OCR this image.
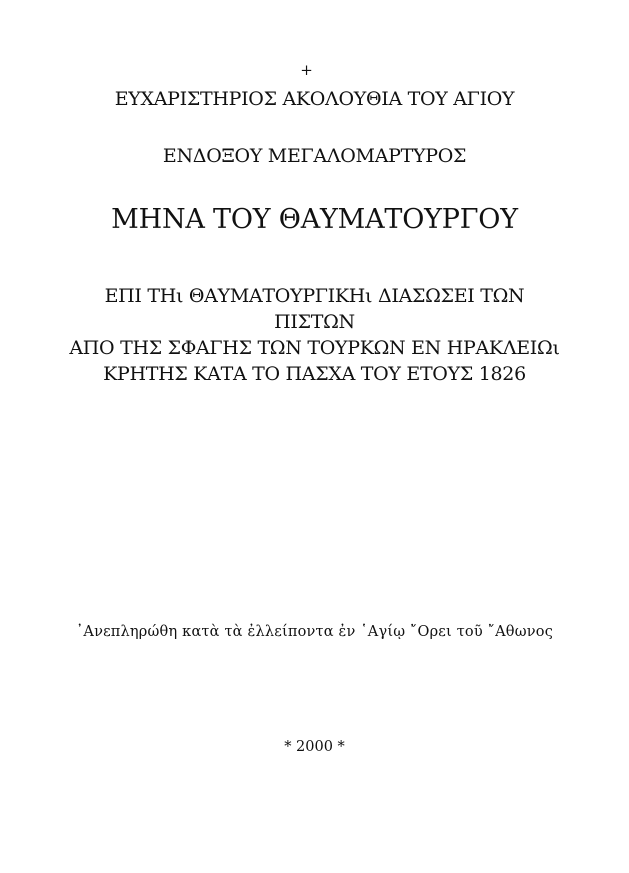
+
ΕΥΧΑΡΙΣΤΗΡΙΟΣ ΑΚΟΛΟΥΘΙΑ ΤΟΥ ΑΓΙΟΥ
ΕΝΔΟΞΟΥ ΜΕΓΑΛΟΜΑΡΤΥΡΟΣ
ΜΗΝΑ ΤΟΥ ΘΑΥΜΑΤΟΥΡΓΟΥ
ΕΠΙ ΤΗι ΘΑΥΜΑΤΟΥΡΓΙΚΗι ΔΙΑΣΩΣΕΙ ΤΩΝ
ΠΙΣΤΩΝ
ΑΠΟ ΤΗΣ ΣΦΑΓΗΣ ΤΩΝ ΤΟΥΡΚΩΝ ΕΝ ΗΡΑΚΛΕΙΩι
ΚΡΗΤΗΣ ΚΑΤΑ ΤΟ ΠΑΣΧΑ ΤΟΥ ΕΤΟΥΣ 1826
᾿Ανεπληρώθη κατὰ τὰ ἐλλείποντα ἐν ῾Αγίῳ ῎Ορει τοῦ ῎Αθωνος
* 2000 *
